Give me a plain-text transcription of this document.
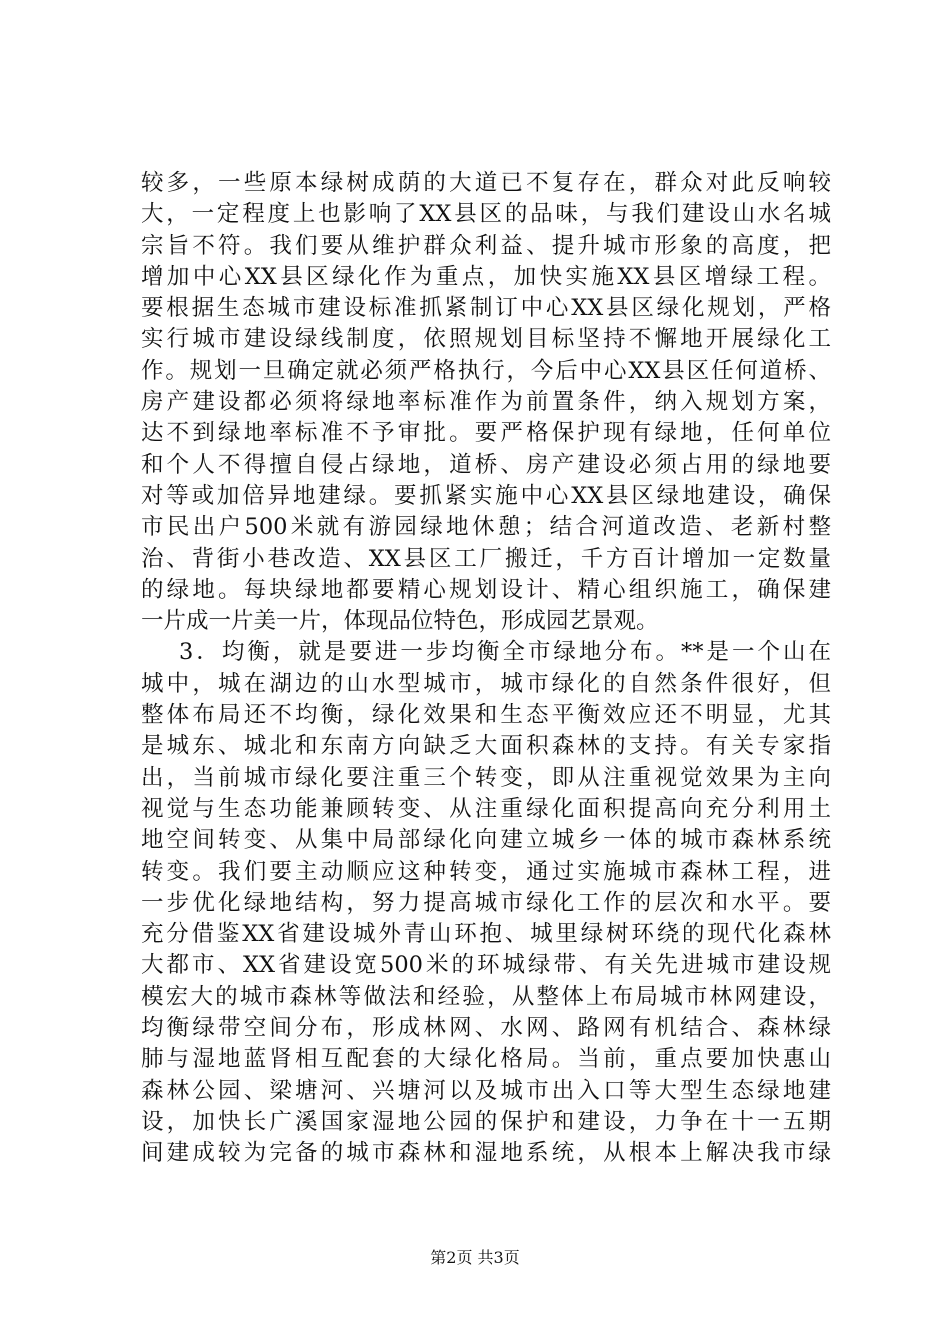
较多，一些原本绿树成荫的大道已不复存在，群众对此反响较
大，一定程度上也影响了XX县区的品味，与我们建设山水名城
宗旨不符。我们要从维护群众利益、提升城市形象的高度，把
增加中心XX县区绿化作为重点，加快实施XX县区增绿工程。
要根据生态城市建设标准抓紧制订中心XX县区绿化规划，严格
实行城市建设绿线制度，依照规划目标坚持不懈地开展绿化工
作。规划一旦确定就必须严格执行，今后中心XX县区任何道桥、
房产建设都必须将绿地率标准作为前置条件，纳入规划方案，
达不到绿地率标准不予审批。要严格保护现有绿地，任何单位
和个人不得擅自侵占绿地，道桥、房产建设必须占用的绿地要
对等或加倍异地建绿。要抓紧实施中心XX县区绿地建设，确保
市民出户500米就有游园绿地休憩；结合河道改造、老新村整
治、背街小巷改造、XX县区工厂搬迁，千方百计增加一定数量
的绿地。每块绿地都要精心规划设计、精心组织施工，确保建
一片成一片美一片，体现品位特色，形成园艺景观。
3．均衡，就是要进一步均衡全市绿地分布。**是一个山在
城中，城在湖边的山水型城市，城市绿化的自然条件很好，但
整体布局还不均衡，绿化效果和生态平衡效应还不明显，尤其
是城东、城北和东南方向缺乏大面积森林的支持。有关专家指
出，当前城市绿化要注重三个转变，即从注重视觉效果为主向
视觉与生态功能兼顾转变、从注重绿化面积提高向充分利用土
地空间转变、从集中局部绿化向建立城乡一体的城市森林系统
转变。我们要主动顺应这种转变，通过实施城市森林工程，进
一步优化绿地结构，努力提高城市绿化工作的层次和水平。要
充分借鉴XX省建设城外青山环抱、城里绿树环绕的现代化森林
大都市、XX省建设宽500米的环城绿带、有关先进城市建设规
模宏大的城市森林等做法和经验，从整体上布局城市林网建设，
均衡绿带空间分布，形成林网、水网、路网有机结合、森林绿
肺与湿地蓝肾相互配套的大绿化格局。当前，重点要加快惠山
森林公园、梁塘河、兴塘河以及城市出入口等大型生态绿地建
设，加快长广溪国家湿地公园的保护和建设，力争在十一五期
间建成较为完备的城市森林和湿地系统，从根本上解决我市绿
第2页 共3页
